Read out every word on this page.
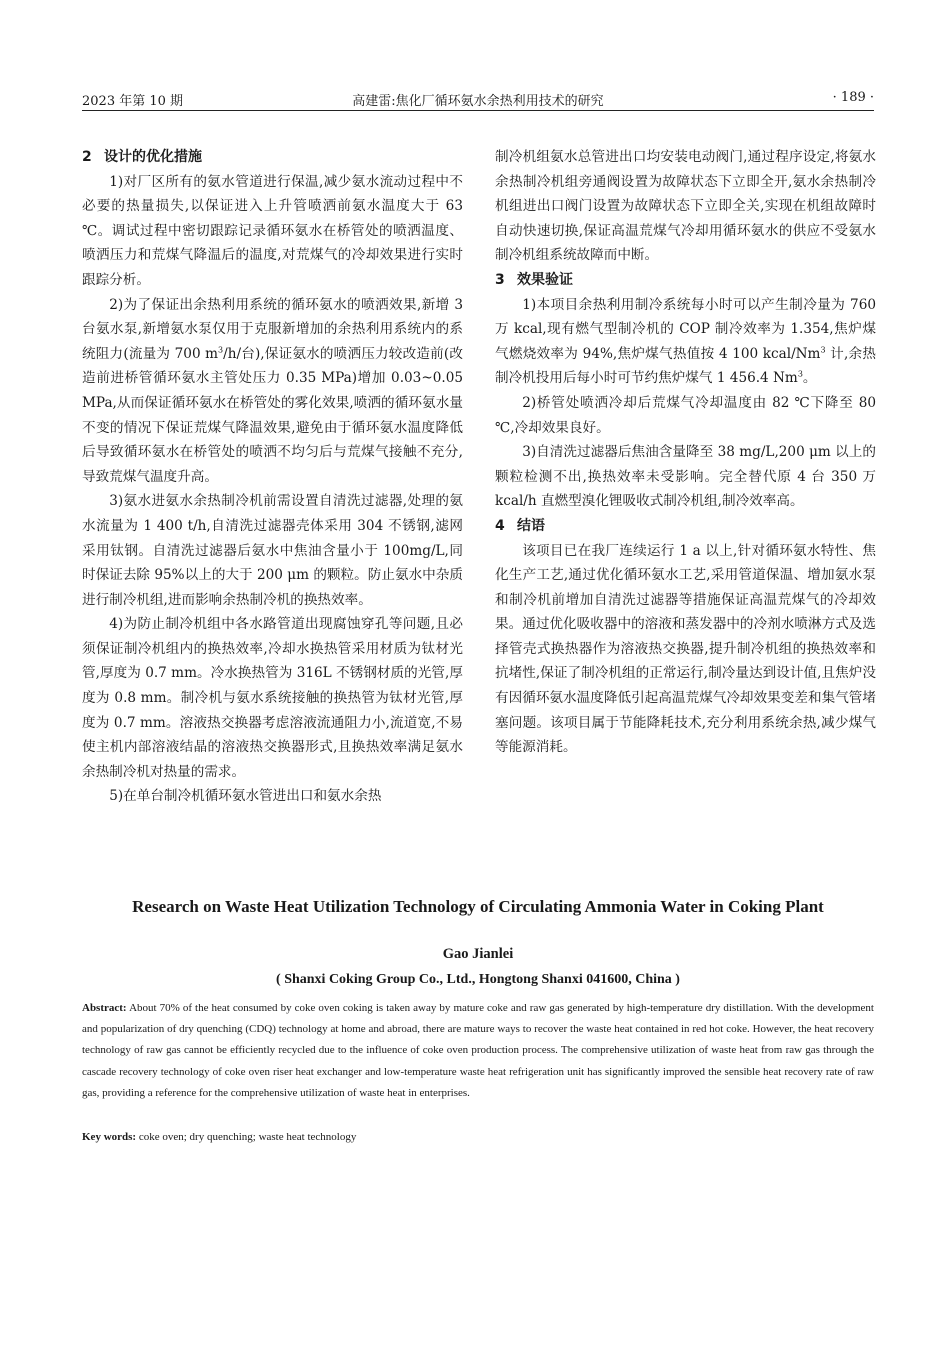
2023 年第 10 期	高建雷:焦化厂循环氨水余热利用技术的研究	· 189 ·
2 设计的优化措施

1)对厂区所有的氨水管道进行保温,减少氨水流动过程中不必要的热量损失,以保证进入上升管喷洒前氨水温度大于 63 ℃。调试过程中密切跟踪记录循环氨水在桥管处的喷洒温度、喷洒压力和荒煤气降温后的温度,对荒煤气的冷却效果进行实时跟踪分析。

2)为了保证出余热利用系统的循环氨水的喷洒效果,新增 3 台氨水泵,新增氨水泵仅用于克服新增加的余热利用系统内的系统阻力(流量为 700 $m^3/h/$台),保证氨水的喷洒压力较改造前(改造前进桥管循环氨水主管处压力 0.35 MPa)增加 0.03~0.05 MPa,从而保证循环氨水在桥管处的雾化效果,喷洒的循环氨水量不变的情况下保证荒煤气降温效果,避免由于循环氨水温度降低后导致循环氨水在桥管处的喷洒不均匀后与荒煤气接触不充分,导致荒煤气温度升高。

3)氨水进氨水余热制冷机前需设置自清洗过滤器,处理的氨水流量为 1 400 t/h,自清洗过滤器壳体采用 304 不锈钢,滤网采用钛钢。自清洗过滤器后氨水中焦油含量小于 100mg/L,同时保证去除 95%以上的大于 200 μm 的颗粒。防止氨水中杂质进行制冷机组,进而影响余热制冷机的换热效率。

4)为防止制冷机组中各水路管道出现腐蚀穿孔等问题,且必须保证制冷机组内的换热效率,冷却水换热管采用材质为钛材光管,厚度为 0.7 mm。冷水换热管为 316L 不锈钢材质的光管,厚度为 0.8 mm。制冷机与氨水系统接触的换热管为钛材光管,厚度为 0.7 mm。溶液热交换器考虑溶液流通阻力小,流道宽,不易使主机内部溶液结晶的溶液热交换器形式,且换热效率满足氨水余热制冷机对热量的需求。

5)在单台制冷机循环氨水管进出口和氨水余热

制冷机组氨水总管进出口均安装电动阀门,通过程序设定,将氨水余热制冷机组旁通阀设置为故障状态下立即全开,氨水余热制冷机组进出口阀门设置为故障状态下立即全关,实现在机组故障时自动快速切换,保证高温荒煤气冷却用循环氨水的供应不受氨水制冷机组系统故障而中断。

3 效果验证

1)本项目余热利用制冷系统每小时可以产生制冷量为 760 万 kcal,现有燃气型制冷机的 COP 制冷效率为 1.354,焦炉煤气燃烧效率为 94%,焦炉煤气热值按 4 100 kcal/Nm$^3$ 计,余热制冷机投用后每小时可节约焦炉煤气 1 456.4 Nm$^3$。

2)桥管处喷洒冷却后荒煤气冷却温度由 82 ℃下降至 80 ℃,冷却效果良好。

3)自清洗过滤器后焦油含量降至 38 mg/L,200 μm 以上的颗粒检测不出,换热效率未受影响。完全替代原 4 台 350 万 kcal/h 直燃型溴化锂吸收式制冷机组,制冷效率高。

4 结语

该项目已在我厂连续运行 1 a 以上,针对循环氨水特性、焦化生产工艺,通过优化循环氨水工艺,采用管道保温、增加氨水泵和制冷机前增加自清洗过滤器等措施保证高温荒煤气的冷却效果。通过优化吸收器中的溶液和蒸发器中的冷剂水喷淋方式及选择管壳式换热器作为溶液热交换器,提升制冷机组的换热效率和抗堵性,保证了制冷机组的正常运行,制冷量达到设计值,且焦炉没有因循环氨水温度降低引起高温荒煤气冷却效果变差和集气管堵塞问题。该项目属于节能降耗技术,充分利用系统余热,减少煤气等能源消耗。

Research on Waste Heat Utilization Technology of Circulating Ammonia Water in Coking Plant
Gao Jianlei
( Shanxi Coking Group Co., Ltd., Hongtong Shanxi 041600, China )
Abstract: About 70% of the heat consumed by coke oven coking is taken away by mature coke and raw gas generated by high-temperature dry distillation. With the development and popularization of dry quenching (CDQ) technology at home and abroad, there are mature ways to recover the waste heat contained in red hot coke. However, the heat recovery technology of raw gas cannot be efficiently recycled due to the influence of coke oven production process. The comprehensive utilization of waste heat from raw gas through the cascade recovery technology of coke oven riser heat exchanger and low-temperature waste heat refrigeration unit has significantly improved the sensible heat recovery rate of raw gas, providing a reference for the comprehensive utilization of waste heat in enterprises.
Key words: coke oven; dry quenching; waste heat technology
